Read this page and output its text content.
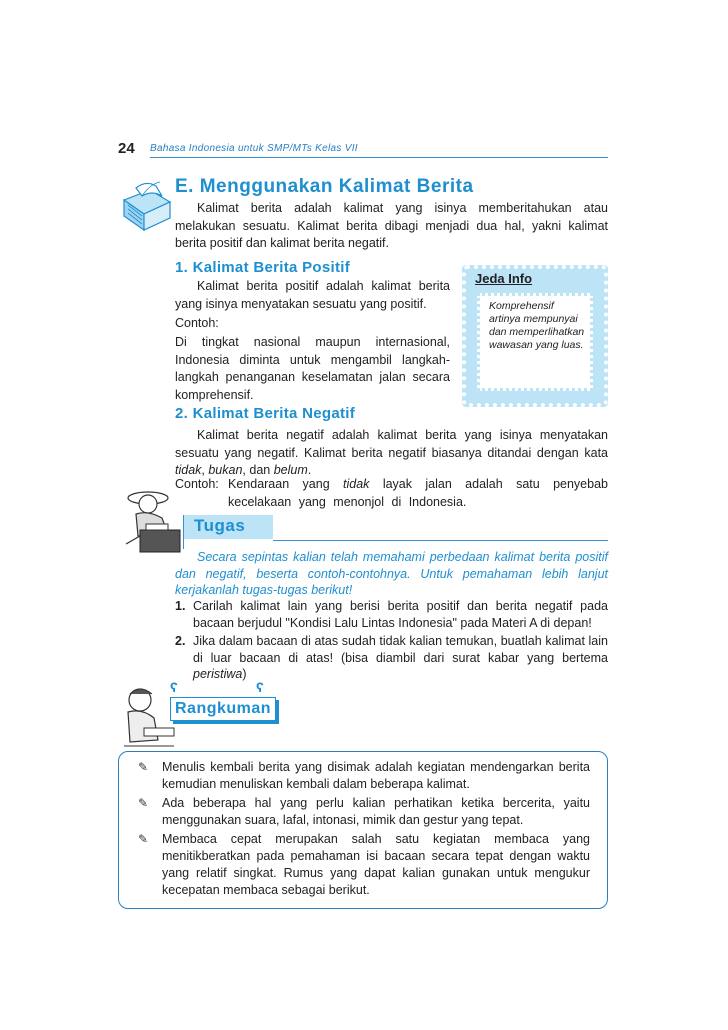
24 Bahasa Indonesia untuk SMP/MTs Kelas VII
E. Menggunakan Kalimat Berita

Kalimat berita adalah kalimat yang isinya memberitahukan atau melakukan sesuatu. Kalimat berita dibagi menjadi dua hal, yakni kalimat berita positif dan kalimat berita negatif.

1. Kalimat Berita Positif

Kalimat berita positif adalah kalimat berita yang isinya menyatakan sesuatu yang positif.

Contoh:

Di tingkat nasional maupun internasional, Indonesia diminta untuk mengambil langkah-langkah penanganan keselamatan jalan secara komprehensif.

Jeda Info
Komprehensif artinya mempunyai dan memperlihatkan wawasan yang luas.
2. Kalimat Berita Negatif

Kalimat berita negatif adalah kalimat berita yang isinya menyatakan sesuatu yang negatif. Kalimat berita negatif biasanya ditandai dengan kata tidak, bukan, dan belum.

Contoh: Kendaraan yang tidak layak jalan adalah satu penyebab kecelakaan yang menonjol di Indonesia.

Tugas

Secara sepintas kalian telah memahami perbedaan kalimat berita positif dan negatif, beserta contoh-contohnya. Untuk pemahaman lebih lanjut kerjakanlah tugas-tugas berikut!

1. Carilah kalimat lain yang berisi berita positif dan berita negatif pada bacaan berjudul "Kondisi Lalu Lintas Indonesia" pada Materi A di depan!
2. Jika dalam bacaan di atas sudah tidak kalian temukan, buatlah kalimat lain di luar bacaan di atas! (bisa diambil dari surat kabar yang bertema peristiwa)
ʕ	ʕ
Rangkuman
✎ Menulis kembali berita yang disimak adalah kegiatan mendengarkan berita kemudian menuliskan kembali dalam beberapa kalimat.
✎ Ada beberapa hal yang perlu kalian perhatikan ketika bercerita, yaitu menggunakan suara, lafal, intonasi, mimik dan gestur yang tepat.
✎ Membaca cepat merupakan salah satu kegiatan membaca yang menitikberatkan pada pemahaman isi bacaan secara tepat dengan waktu yang relatif singkat. Rumus yang dapat kalian gunakan untuk mengukur kecepatan membaca sebagai berikut.
